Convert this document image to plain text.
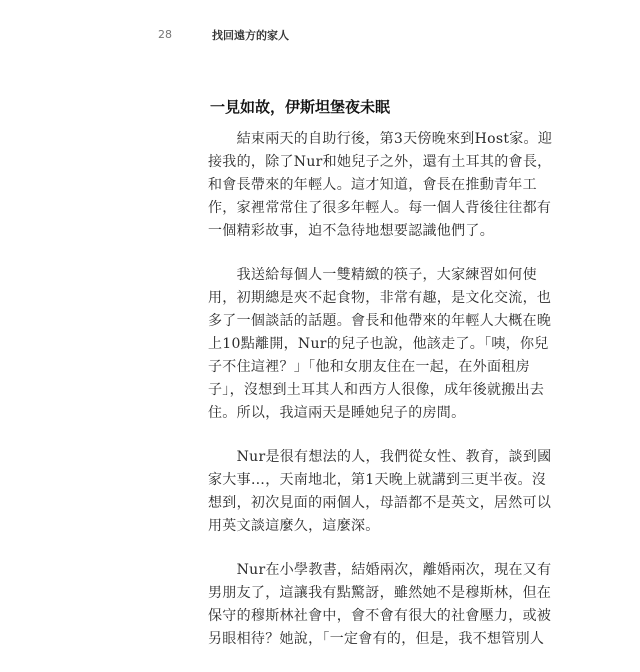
28	找回遠方的家人
一見如故，伊斯坦堡夜未眠
　　結束兩天的自助行後，第3天傍晚來到Host家。迎
接我的，除了Nur和她兒子之外，還有土耳其的會長，
和會長帶來的年輕人。這才知道，會長在推動青年工
作，家裡常常住了很多年輕人。每一個人背後往往都有
一個精彩故事，迫不急待地想要認識他們了。
　　我送給每個人一雙精緻的筷子，大家練習如何使
用，初期總是夾不起食物，非常有趣，是文化交流，也
多了一個談話的話題。會長和他帶來的年輕人大概在晚
上10點離開，Nur的兒子也說，他該走了。「咦，你兒
子不住這裡？」「他和女朋友住在一起，在外面租房
子」，沒想到土耳其人和西方人很像，成年後就搬出去
住。所以，我這兩天是睡她兒子的房間。
　　Nur是很有想法的人，我們從女性、教育，談到國
家大事…，天南地北，第1天晚上就講到三更半夜。沒
想到，初次見面的兩個人，母語都不是英文，居然可以
用英文談這麼久，這麼深。
　　Nur在小學教書，結婚兩次，離婚兩次，現在又有
男朋友了，這讓我有點驚訝，雖然她不是穆斯林，但在
保守的穆斯林社會中，會不會有很大的社會壓力，或被
另眼相待？她說，「一定會有的，但是，我不想管別人
